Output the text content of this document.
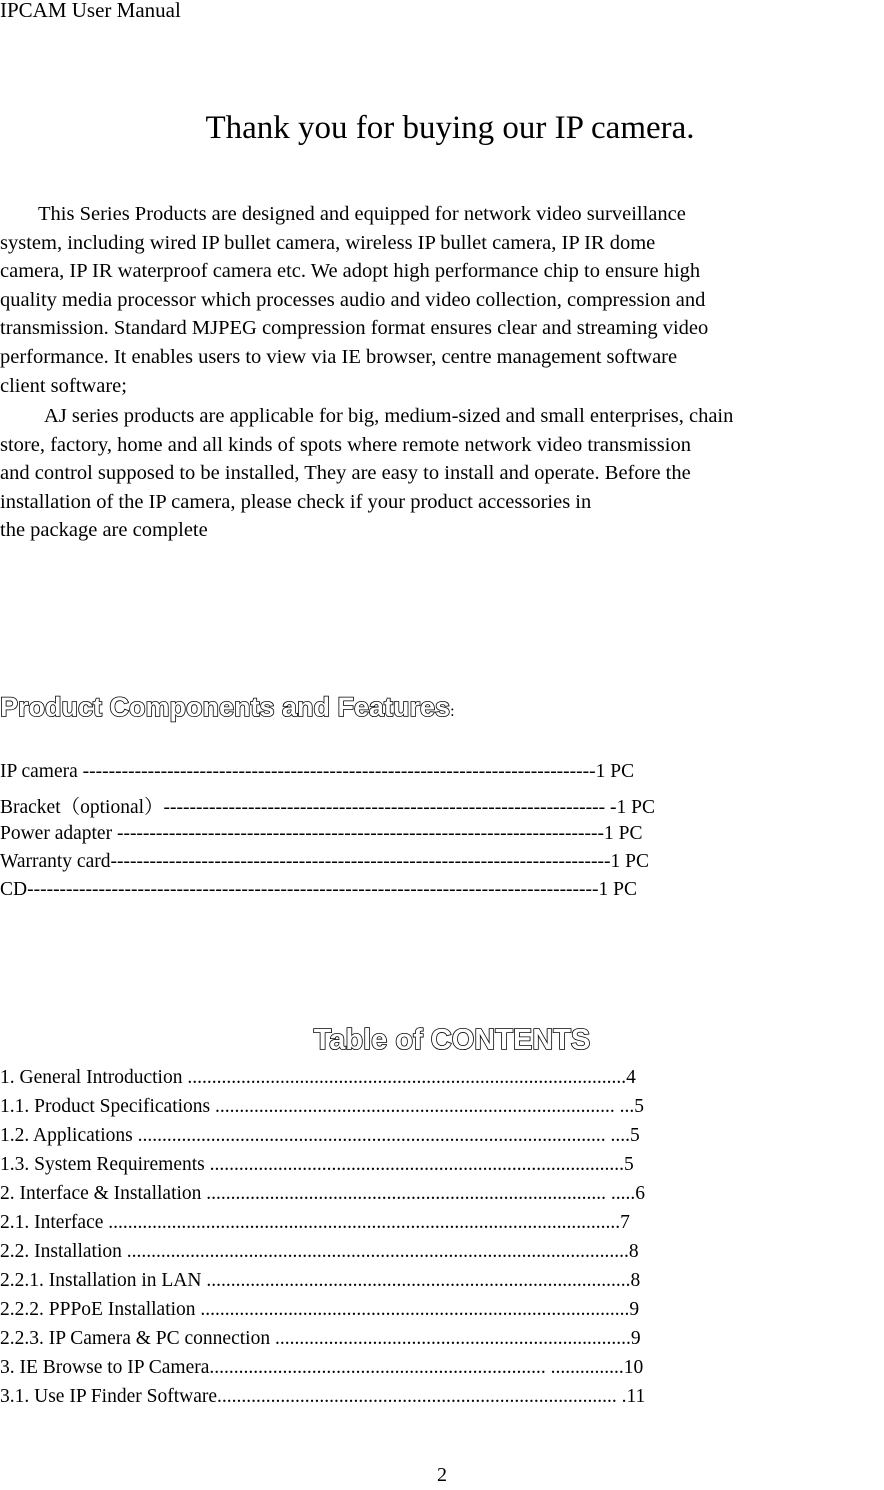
IPCAM User Manual
Thank you for buying our IP camera.
This Series Products are designed and equipped for network video surveillance
system, including wired IP bullet camera, wireless IP bullet camera, IP IR dome
camera, IP IR waterproof camera etc. We adopt high performance chip to ensure high
quality media processor which processes audio and video collection, compression and
transmission. Standard MJPEG compression format ensures clear and streaming video
performance. It enables users to view via IE browser, centre management software
client software;
AJ series products are applicable for big, medium-sized and small enterprises, chain
store, factory, home and all kinds of spots where remote network video transmission
and control supposed to be installed, They are easy to install and operate. Before the
installation of the IP camera, please check if your product accessories in
the package are complete
Product Components and Features:
IP camera -------------------------------------------------------------------------------1 PC
Bracket（optional）-------------------------------------------------------------------- -1 PC
Power adapter ---------------------------------------------------------------------------1 PC
Warranty card-----------------------------------------------------------------------------1 PC
CD----------------------------------------------------------------------------------------1 PC
Table of CONTENTS
1. General Introduction ..........................................................................................4
1.1. Product Specifications .................................................................................. ...5
1.2. Applications ................................................................................................ ....5
1.3. System Requirements .....................................................................................5
2. Interface & Installation .................................................................................. .....6
2.1. Interface .........................................................................................................7
2.2. Installation .......................................................................................................8
2.2.1. Installation in LAN .......................................................................................8
2.2.2. PPPoE Installation ........................................................................................9
2.2.3. IP Camera & PC connection .........................................................................9
3. IE Browse to IP Camera..................................................................... ...............10
3.1. Use IP Finder Software.................................................................................. .11
2
